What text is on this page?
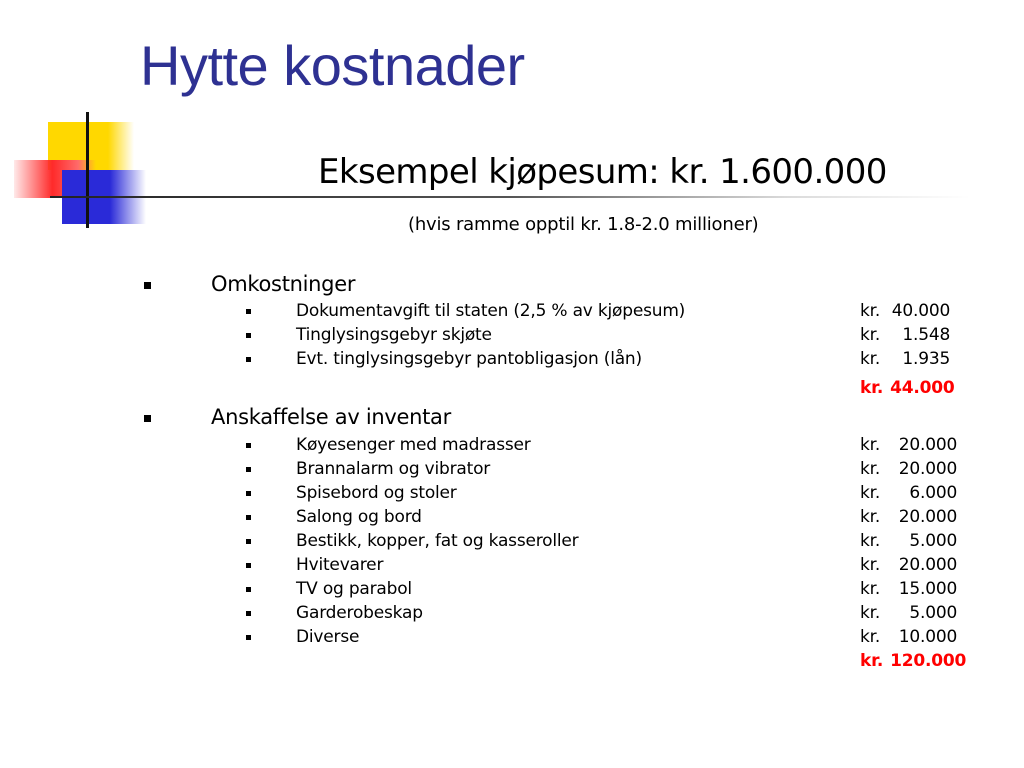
Hytte kostnader
Eksempel kjøpesum: kr. 1.600.000
(hvis ramme opptil kr. 1.8-2.0 millioner)
Omkostninger
Dokumentavgift til staten (2,5 % av kjøpesum)	kr. 40.000
Tinglysingsgebyr skjøte	kr. 1.548
Evt. tinglysingsgebyr pantobligasjon (lån)	kr. 1.935
kr. 44.000
Anskaffelse av inventar
Køyesenger med madrasser	kr. 20.000
Brannalarm og vibrator	kr. 20.000
Spisebord og stoler	kr. 6.000
Salong og bord	kr. 20.000
Bestikk, kopper, fat og kasseroller	kr. 5.000
Hvitevarer	kr. 20.000
TV og parabol	kr. 15.000
Garderobeskap	kr. 5.000
Diverse	kr. 10.000
kr. 120.000
